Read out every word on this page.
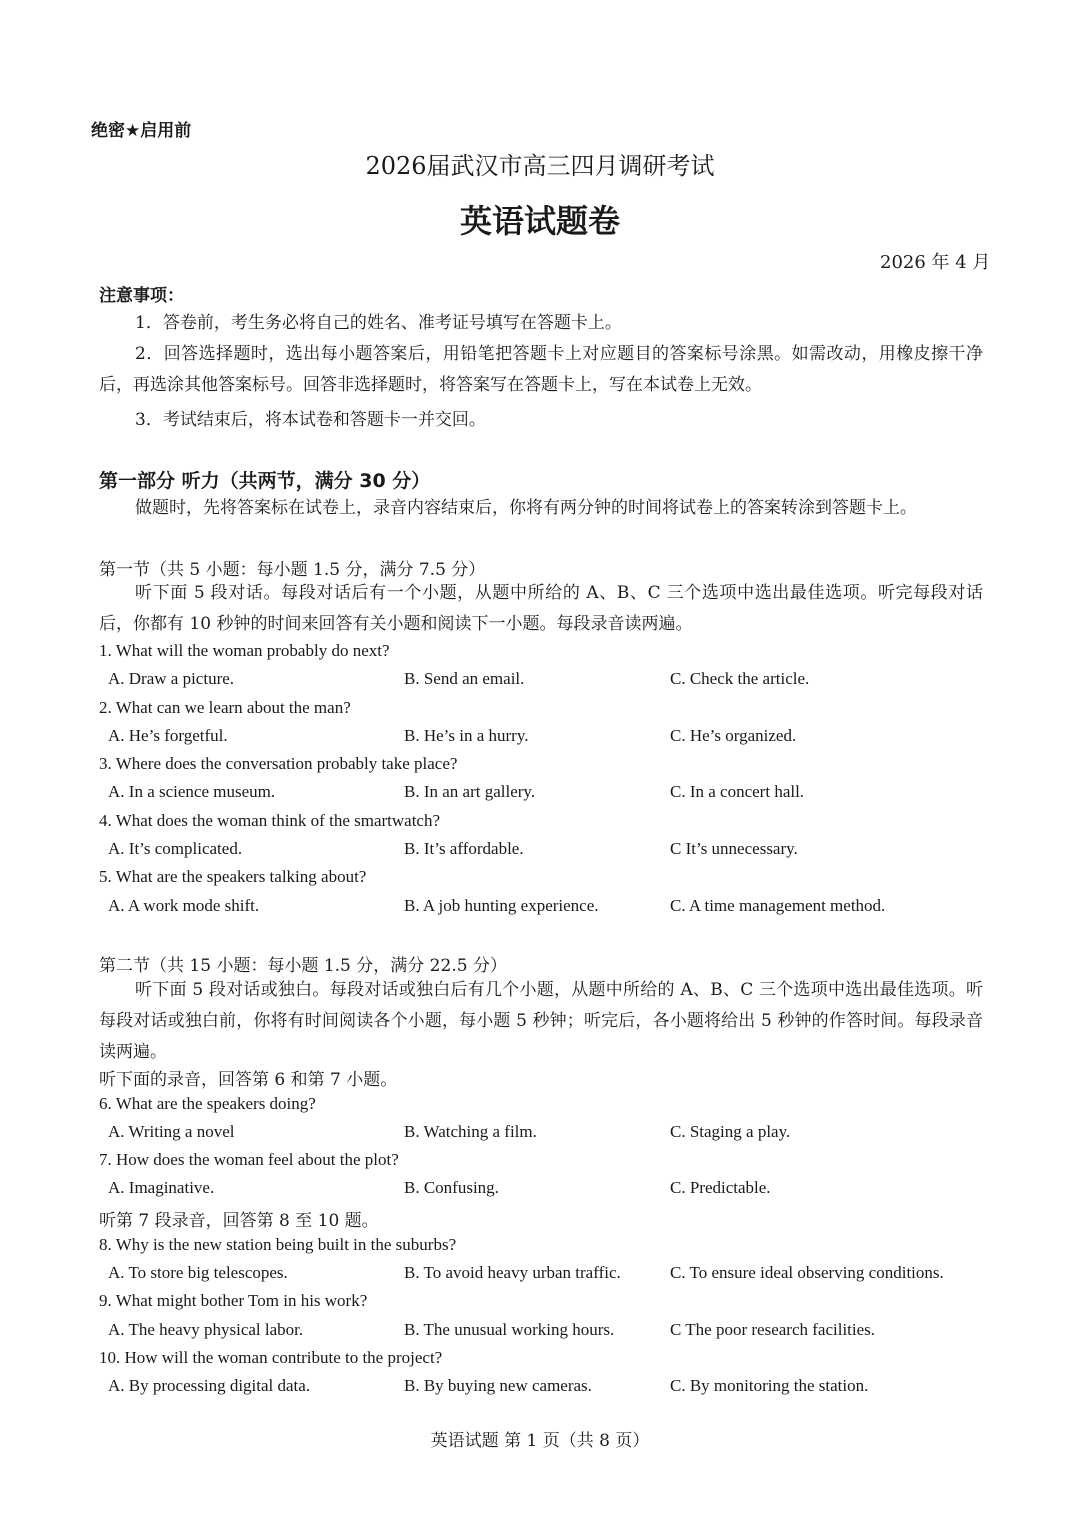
绝密★启用前
2026届武汉市高三四月调研考试
英语试题卷
2026 年 4 月
注意事项：
1．答卷前，考生务必将自己的姓名、准考证号填写在答题卡上。
2．回答选择题时，选出每小题答案后，用铅笔把答题卡上对应题目的答案标号涂黑。如需改动，用橡皮擦干净后，再选涂其他答案标号。回答非选择题时，将答案写在答题卡上，写在本试卷上无效。
3．考试结束后，将本试卷和答题卡一并交回。
第一部分 听力（共两节，满分 30 分）
做题时，先将答案标在试卷上，录音内容结束后，你将有两分钟的时间将试卷上的答案转涂到答题卡上。
第一节（共 5 小题：每小题 1.5 分，满分 7.5 分）
听下面 5 段对话。每段对话后有一个小题，从题中所给的 A、B、C 三个选项中选出最佳选项。听完每段对话后，你都有 10 秒钟的时间来回答有关小题和阅读下一小题。每段录音读两遍。
1. What will the woman probably do next?
A. Draw a picture.	B. Send an email.	C. Check the article.
2. What can we learn about the man?
A. He’s forgetful.	B. He’s in a hurry.	C. He’s organized.
3. Where does the conversation probably take place?
A. In a science museum.	B. In an art gallery.	C. In a concert hall.
4. What does the woman think of the smartwatch?
A. It’s complicated.	B. It’s affordable.	C It’s unnecessary.
5. What are the speakers talking about?
A. A work mode shift.	B. A job hunting experience.	C. A time management method.
第二节（共 15 小题：每小题 1.5 分，满分 22.5 分）
听下面 5 段对话或独白。每段对话或独白后有几个小题，从题中所给的 A、B、C 三个选项中选出最佳选项。听每段对话或独白前，你将有时间阅读各个小题，每小题 5 秒钟；听完后，各小题将给出 5 秒钟的作答时间。每段录音读两遍。
听下面的录音，回答第 6 和第 7 小题。
6. What are the speakers doing?
A. Writing a novel	B. Watching a film.	C. Staging a play.
7. How does the woman feel about the plot?
A. Imaginative.	B. Confusing.	C. Predictable.
听第 7 段录音，回答第 8 至 10 题。
8. Why is the new station being built in the suburbs?
A. To store big telescopes.	B. To avoid heavy urban traffic.	C. To ensure ideal observing conditions.
9. What might bother Tom in his work?
A. The heavy physical labor.	B. The unusual working hours.	C The poor research facilities.
10. How will the woman contribute to the project?
A. By processing digital data.	B. By buying new cameras.	C. By monitoring the station.
英语试题 第 1 页（共 8 页）
